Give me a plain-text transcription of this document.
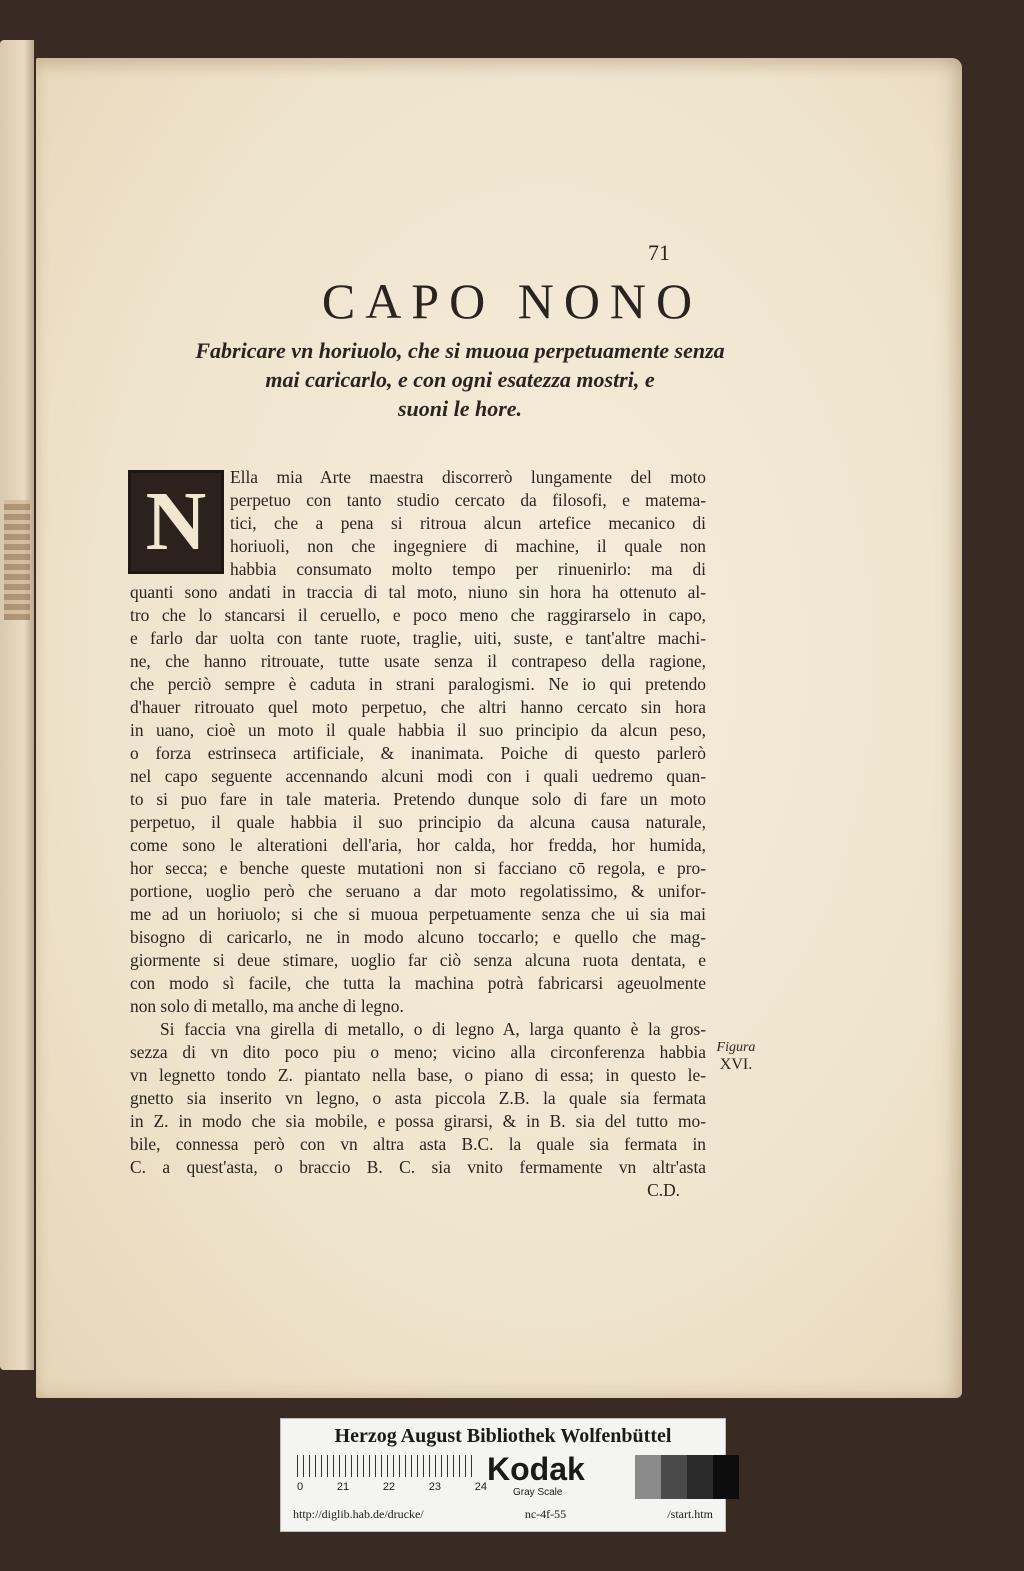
71
CAPO NONO
Fabricare vn horiuolo, che si muoua perpetuamente senza
mai caricarlo, e con ogni esatezza mostri, e
suoni le hore.
N	Ella mia Arte maestra discorrerò lungamente del moto
perpetuo con tanto studio cercato da filosofi, e matema-
tici, che a pena si ritroua alcun artefice mecanico di
horiuoli, non che ingegniere di machine, il quale non
habbia consumato molto tempo per rinuenirlo: ma di
quanti sono andati in traccia di tal moto, niuno sin hora ha ottenuto al-
tro che lo stancarsi il ceruello, e poco meno che raggirarselo in capo,
e farlo dar uolta con tante ruote, traglie, uiti, suste, e tant'altre machi-
ne, che hanno ritrouate, tutte usate senza il contrapeso della ragione,
che perciò sempre è caduta in strani paralogismi. Ne io qui pretendo
d'hauer ritrouato quel moto perpetuo, che altri hanno cercato sin hora
in uano, cioè un moto il quale habbia il suo principio da alcun peso,
o forza estrinseca artificiale, & inanimata. Poiche di questo parlerò
nel capo seguente accennando alcuni modi con i quali uedremo quan-
to si puo fare in tale materia. Pretendo dunque solo di fare un moto
perpetuo, il quale habbia il suo principio da alcuna causa naturale,
come sono le alterationi dell'aria, hor calda, hor fredda, hor humida,
hor secca; e benche queste mutationi non si facciano cō regola, e pro-
portione, uoglio però che seruano a dar moto regolatissimo, & unifor-
me ad un horiuolo; si che si muoua perpetuamente senza che ui sia mai
bisogno di caricarlo, ne in modo alcuno toccarlo; e quello che mag-
giormente si deue stimare, uoglio far ciò senza alcuna ruota dentata, e
con modo sì facile, che tutta la machina potrà fabricarsi ageuolmente
non solo di metallo, ma anche di legno.
Si faccia vna girella di metallo, o di legno A, larga quanto è la gros-
sezza di vn dito poco piu o meno; vicino alla circonferenza habbia
vn legnetto tondo Z. piantato nella base, o piano di essa; in questo le-
gnetto sia inserito vn legno, o asta piccola Z.B. la quale sia fermata
in Z. in modo che sia mobile, e possa girarsi, & in B. sia del tutto mo-
bile, connessa però con vn altra asta B.C. la quale sia fermata in
C. a quest'asta, o braccio B. C. sia vnito fermamente vn altr'asta
C.D.
Figura
XVI.
Herzog August Bibliothek Wolfenbüttel
0	21	22	23	24 Kodak
Gray Scale
http://diglib.hab.de/drucke/	nc-4f-55	/start.htm
